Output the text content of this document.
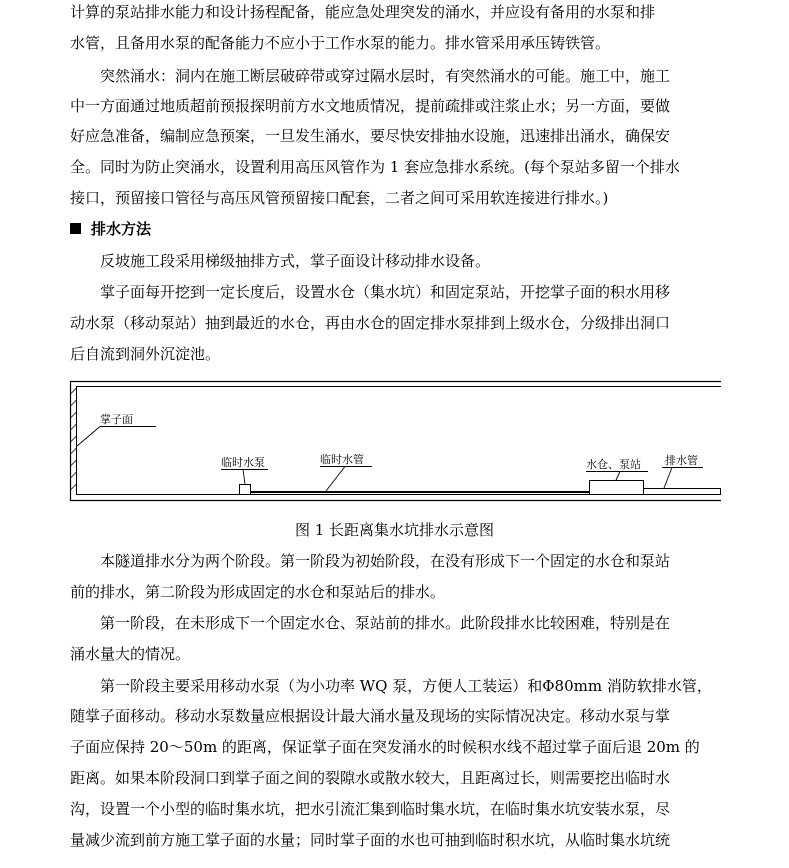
计算的泵站排水能力和设计扬程配备，能应急处理突发的涌水，并应设有备用的水泵和排
水管，且备用水泵的配备能力不应小于工作水泵的能力。排水管采用承压铸铁管。
突然涌水：洞内在施工断层破碎带或穿过隔水层时，有突然涌水的可能。施工中，施工
中一方面通过地质超前预报探明前方水文地质情况，提前疏排或注浆止水；另一方面，要做
好应急准备，编制应急预案，一旦发生涌水，要尽快安排抽水设施，迅速排出涌水，确保安
全。同时为防止突涌水，设置利用高压风管作为 1 套应急排水系统。(每个泵站多留一个排水
接口，预留接口管径与高压风管预留接口配套，二者之间可采用软连接进行排水。)
排水方法
反坡施工段采用梯级抽排方式，掌子面设计移动排水设备。
掌子面每开挖到一定长度后，设置水仓（集水坑）和固定泵站，开挖掌子面的积水用移
动水泵（移动泵站）抽到最近的水仓，再由水仓的固定排水泵排到上级水仓，分级排出洞口
后自流到洞外沉淀池。
掌子面
临时水泵	临时水管	水仓、泵站 排水管
图 1 长距离集水坑排水示意图
本隧道排水分为两个阶段。第一阶段为初始阶段，在没有形成下一个固定的水仓和泵站
前的排水，第二阶段为形成固定的水仓和泵站后的排水。
第一阶段，在未形成下一个固定水仓、泵站前的排水。此阶段排水比较困难，特别是在
涌水量大的情况。
第一阶段主要采用移动水泵（为小功率 WQ 泵，方便人工装运）和Φ80mm 消防软排水管，
随掌子面移动。移动水泵数量应根据设计最大涌水量及现场的实际情况决定。移动水泵与掌
子面应保持 20～50m 的距离，保证掌子面在突发涌水的时候积水线不超过掌子面后退 20m 的
距离。如果本阶段洞口到掌子面之间的裂隙水或散水较大，且距离过长，则需要挖出临时水
沟，设置一个小型的临时集水坑，把水引流汇集到临时集水坑，在临时集水坑安装水泵，尽
量减少流到前方施工掌子面的水量；同时掌子面的水也可抽到临时积水坑，从临时集水坑统
